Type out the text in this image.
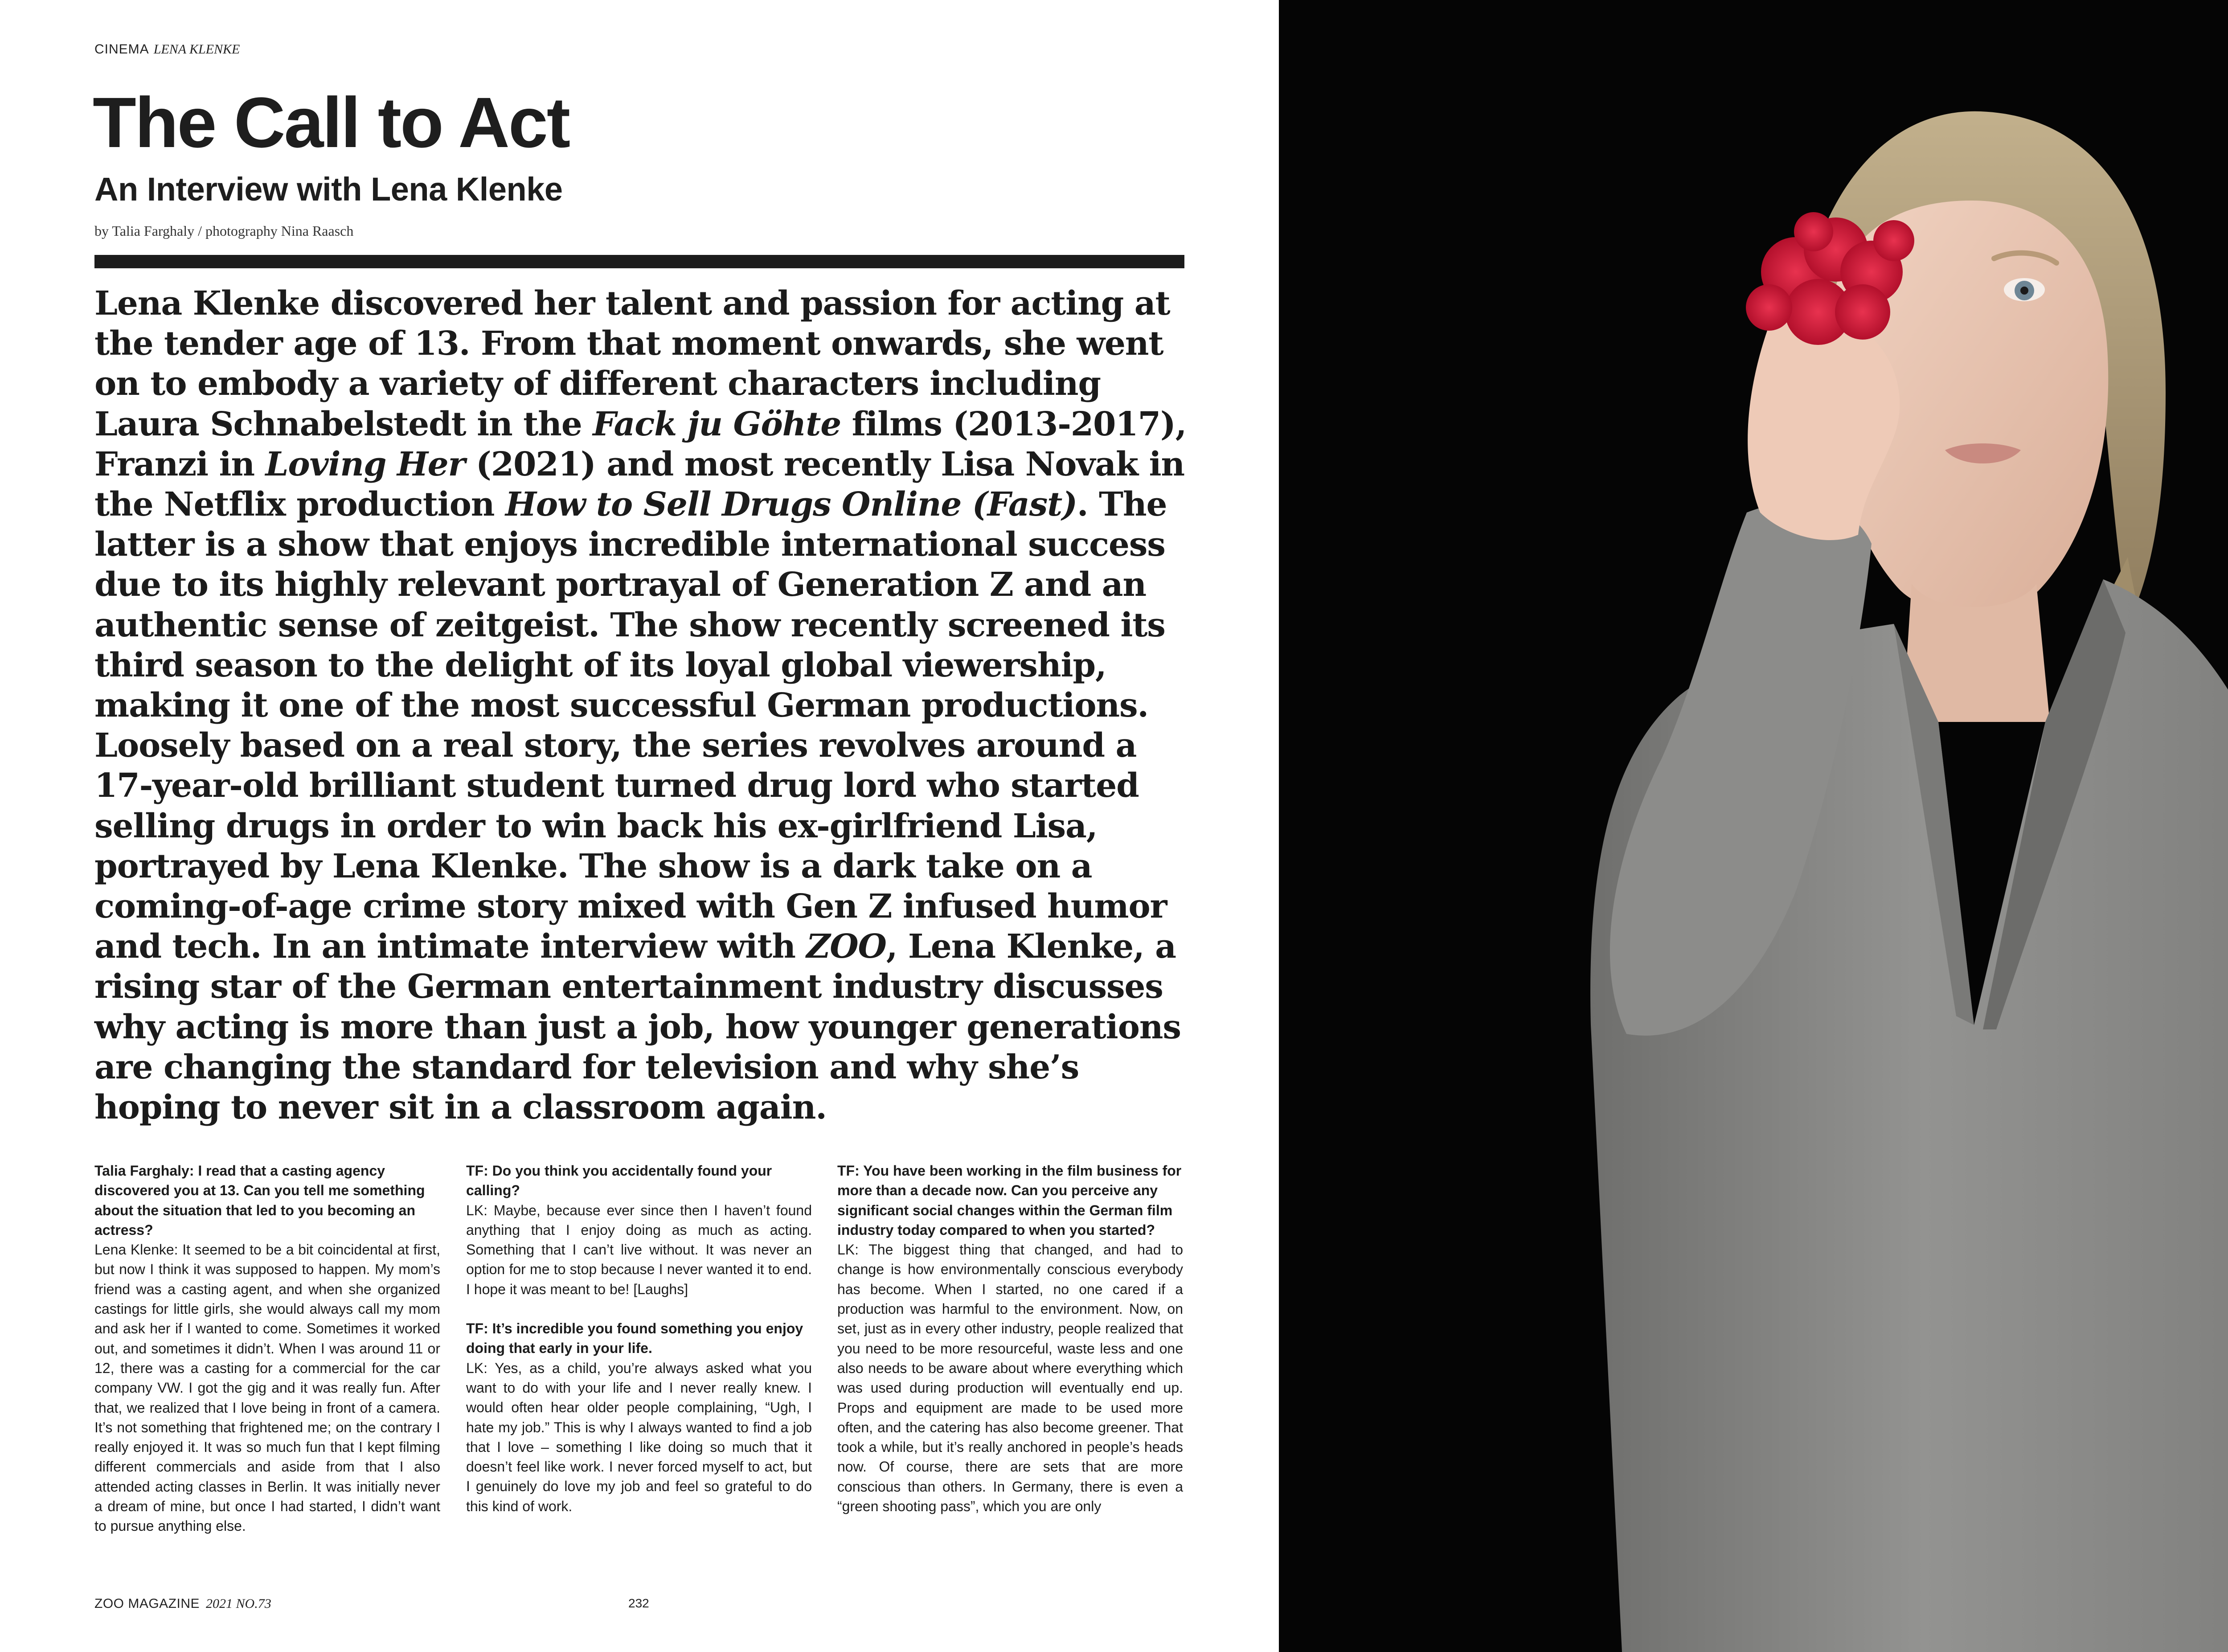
CINEMA LENA KLENKE
The Call to Act
An Interview with Lena Klenke
by Talia Farghaly / photography Nina Raasch

Lena Klenke discovered her talent and passion for acting at the tender age of 13. From that moment onwards, she went on to embody a variety of different characters including Laura Schnabelstedt in the Fack ju Göhte films (2013-2017), Franzi in Loving Her (2021) and most recently Lisa Novak in the Netflix production How to Sell Drugs Online (Fast). The latter is a show that enjoys incredible international success due to its highly relevant portrayal of Generation Z and an authentic sense of zeitgeist. The show recently screened its third season to the delight of its loyal global viewership, making it one of the most successful German productions. Loosely based on a real story, the series revolves around a 17-year-old brilliant student turned drug lord who started selling drugs in order to win back his ex-girlfriend Lisa, portrayed by Lena Klenke. The show is a dark take on a coming-of-age crime story mixed with Gen Z infused humor and tech. In an intimate interview with ZOO, Lena Klenke, a rising star of the German entertainment industry discusses why acting is more than just a job, how younger generations are changing the standard for television and why she’s hoping to never sit in a classroom again.

Talia Farghaly: I read that a casting agency discovered you at 13. Can you tell me something about the situation that led to you becoming an actress?

Lena Klenke: It seemed to be a bit coincidental at first, but now I think it was supposed to happen. My mom’s friend was a casting agent, and when she organized castings for little girls, she would always call my mom and ask her if I wanted to come. Sometimes it worked out, and sometimes it didn’t. When I was around 11 or 12, there was a casting for a commercial for the car company VW. I got the gig and it was really fun. After that, we realized that I love being in front of a camera. It’s not something that frightened me; on the contrary I really enjoyed it. It was so much fun that I kept filming different commercials and aside from that I also attended acting classes in Berlin. It was initially never a dream of mine, but once I had started, I didn’t want to pursue anything else.

TF: Do you think you accidentally found your calling?

LK: Maybe, because ever since then I haven’t found anything that I enjoy doing as much as acting. Something that I can’t live without. It was never an option for me to stop because I never wanted it to end. I hope it was meant to be! [Laughs]

TF: It’s incredible you found something you enjoy doing that early in your life.

LK: Yes, as a child, you’re always asked what you want to do with your life and I never really knew. I would often hear older people complaining, “Ugh, I hate my job.” This is why I always wanted to find a job that I love – something I like doing so much that it doesn’t feel like work. I never forced myself to act, but I genuinely do love my job and feel so grateful to do this kind of work.

TF: You have been working in the film business for more than a decade now. Can you perceive any significant social changes within the German film industry today compared to when you started?

LK: The biggest thing that changed, and had to change is how environmentally conscious everybody has become. When I started, no one cared if a production was harmful to the environment. Now, on set, just as in every other industry, people realized that you need to be more resourceful, waste less and one also needs to be aware about where everything which was used during production will eventually end up. Props and equipment are made to be used more often, and the catering has also become greener. That took a while, but it’s really anchored in people’s heads now. Of course, there are sets that are more conscious than others. In Germany, there is even a “green shooting pass”, which you are only

ZOO MAGAZINE 2021 NO.73	232
